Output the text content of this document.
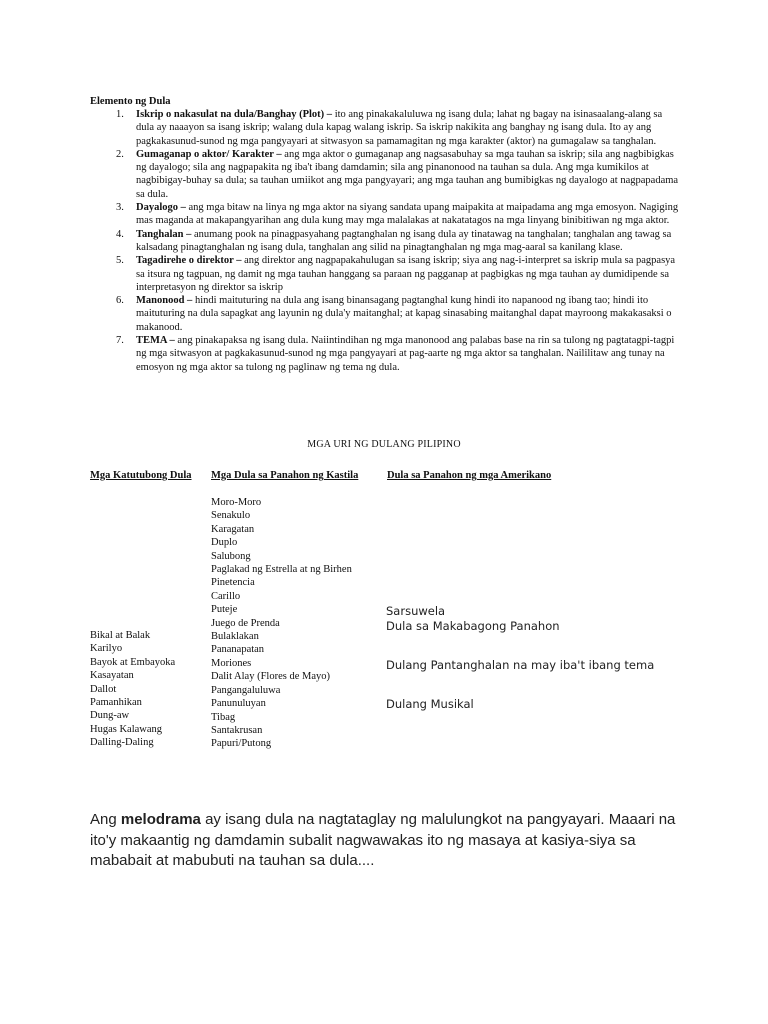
Elemento ng Dula
1. Iskrip o nakasulat na dula/Banghay (Plot) – ito ang pinakakaluluwa ng isang dula; lahat ng bagay na isinasaalang-alang sa dula ay naaayon sa isang iskrip; walang dula kapag walang iskrip. Sa iskrip nakikita ang banghay ng isang dula. Ito ay ang pagkakasunud-sunod ng mga pangyayari at sitwasyon sa pamamagitan ng mga karakter (aktor) na gumagalaw sa tanghalan.
2. Gumaganap o aktor/ Karakter – ang mga aktor o gumaganap ang nagsasabuhay sa mga tauhan sa iskrip; sila ang nagbibigkas ng dayalogo; sila ang nagpapakita ng iba't ibang damdamin; sila ang pinanonood na tauhan sa dula. Ang mga kumikilos at nagbibigay-buhay sa dula; sa tauhan umiikot ang mga pangyayari; ang mga tauhan ang bumibigkas ng dayalogo at nagpapadama sa dula.
3. Dayalogo – ang mga bitaw na linya ng mga aktor na siyang sandata upang maipakita at maipadama ang mga emosyon. Nagiging mas maganda at makapangyarihan ang dula kung may mga malalakas at nakatatagos na mga linyang binibitiwan ng mga aktor.
4. Tanghalan – anumang pook na pinagpasyahang pagtanghalan ng isang dula ay tinatawag na tanghalan; tanghalan ang tawag sa kalsadang pinagtanghalan ng isang dula, tanghalan ang silid na pinagtanghalan ng mga mag-aaral sa kanilang klase.
5. Tagadirehe o direktor – ang direktor ang nagpapakahulugan sa isang iskrip; siya ang nag-i-interpret sa iskrip mula sa pagpasya sa itsura ng tagpuan, ng damit ng mga tauhan hanggang sa paraan ng pagganap at pagbigkas ng mga tauhan ay dumidipende sa interpretasyon ng direktor sa iskrip
6. Manonood – hindi maituturing na dula ang isang binansagang pagtanghal kung hindi ito napanood ng ibang tao; hindi ito maituturing na dula sapagkat ang layunin ng dula'y maitanghal; at kapag sinasabing maitanghal dapat mayroong makakasaksi o makanood.
7. TEMA – ang pinakapaksa ng isang dula. Naiintindihan ng mga manonood ang palabas base na rin sa tulong ng pagtatagpi-tagpi ng mga sitwasyon at pagkakasunud-sunod ng mga pangyayari at pag-aarte ng mga aktor sa tanghalan. Naililitaw ang tunay na emosyon ng mga aktor sa tulong ng paglinaw ng tema ng dula.
MGA URI NG DULANG PILIPINO
Mga Katutubong Dula Mga Dula sa Panahon ng Kastila	Dula sa Panahon ng mga Amerikano
Bikal at Balak
Karilyo
Bayok at Embayoka
Kasayatan
Dallot
Pamanhikan
Dung-aw
Hugas Kalawang
Dalling-Daling
Moro-Moro
Senakulo
Karagatan
Duplo
Salubong
Paglakad ng Estrella at ng Birhen
Pinetencia
Carillo
Puteje
Juego de Prenda
Bulaklakan
Pananapatan
Moriones
Dalit Alay (Flores de Mayo)
Pangangaluluwa
Panunuluyan
Tibag
Santakrusan
Papuri/Putong
Sarsuwela
Dula sa Makabagong Panahon
Dulang Pantanghalan na may iba't ibang tema
Dulang Musikal

Ang melodrama ay isang dula na nagtataglay ng malulungkot na pangyayari. Maaari na ito'y makaantig ng damdamin subalit nagwawakas ito ng masaya at kasiya-siya sa mababait at mabubuti na tauhan sa dula....
